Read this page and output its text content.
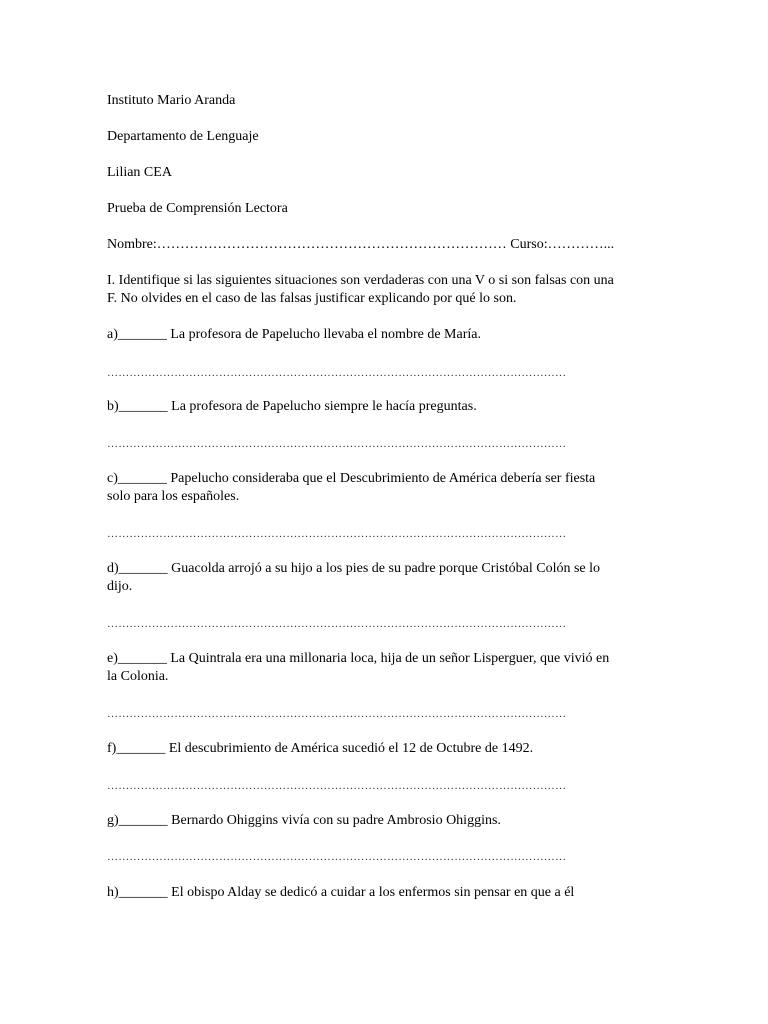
Instituto Mario Aranda
Departamento de Lenguaje
Lilian CEA
Prueba de Comprensión Lectora
Nombre:………………………………………………………………… Curso:…………...
I. Identifique si las siguientes situaciones son verdaderas con una V o si son falsas con una
F. No olvides en el caso de las falsas justificar explicando por qué lo son.
a)_______ La profesora de Papelucho llevaba el nombre de María.
……………………………………………………………………………………………………………
b)_______ La profesora de Papelucho siempre le hacía preguntas.
……………………………………………………………………………………………………………
c)_______ Papelucho consideraba que el Descubrimiento de América debería ser fiesta
solo para los españoles.
……………………………………………………………………………………………………………
d)_______ Guacolda arrojó a su hijo a los pies de su padre porque Cristóbal Colón se lo
dijo.
……………………………………………………………………………………………………………
e)_______ La Quintrala era una millonaria loca, hija de un señor Lisperguer, que vivió en
la Colonia.
……………………………………………………………………………………………………………
f)_______ El descubrimiento de América sucedió el 12 de Octubre de 1492.
……………………………………………………………………………………………………………
g)_______ Bernardo Ohiggins vivía con su padre Ambrosio Ohiggins.
……………………………………………………………………………………………………………
h)_______ El obispo Alday se dedicó a cuidar a los enfermos sin pensar en que a él
